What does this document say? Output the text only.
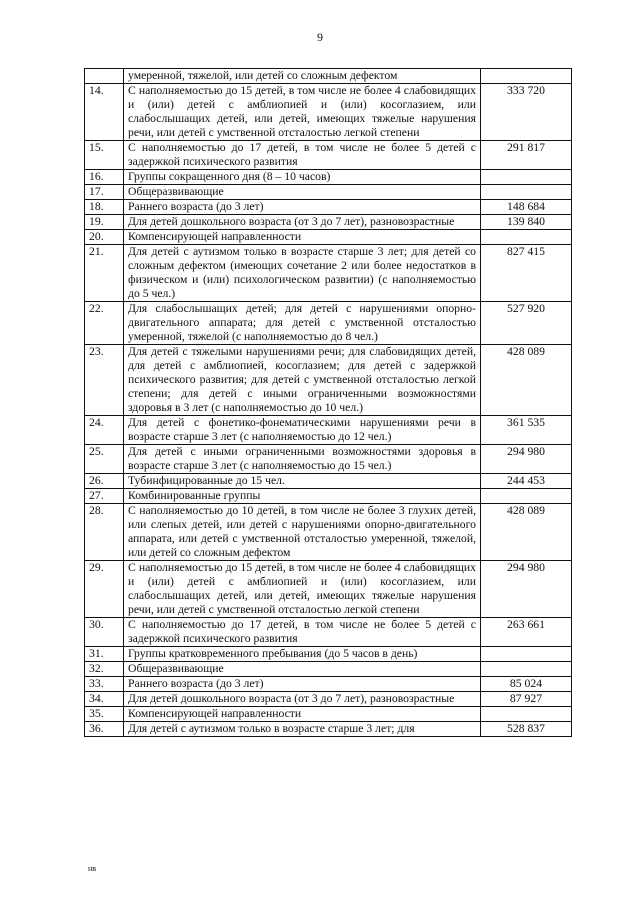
9
	умеренной, тяжелой, или детей со сложным дефектом	
14.	С наполняемостью до 15 детей, в том числе не более 4 слабовидящих и (или) детей с амблиопией и (или) косоглазием, или слабослышащих детей, или детей, имеющих тяжелые нарушения речи, или детей с умственной отсталостью легкой степени	333 720
15.	С наполняемостью до 17 детей, в том числе не более 5 детей с задержкой психического развития	291 817
16.	Группы сокращенного дня (8 – 10 часов)	
17.	Общеразвивающие	
18.	Раннего возраста (до 3 лет)	148 684
19.	Для детей дошкольного возраста (от 3 до 7 лет), разновозрастные	139 840
20.	Компенсирующей направленности	
21.	Для детей с аутизмом только в возрасте старше 3 лет; для детей со сложным дефектом (имеющих сочетание 2 или более недостатков в физическом и (или) психологическом развитии) (с наполняемостью до 5 чел.)	827 415
22.	Для слабослышащих детей; для детей с нарушениями опорно-двигательного аппарата; для детей с умственной отсталостью умеренной, тяжелой (с наполняемостью до 8 чел.)	527 920
23.	Для детей с тяжелыми нарушениями речи; для слабовидящих детей, для детей с амблиопией, косоглазием; для детей с задержкой психического развития; для детей с умственной отсталостью легкой степени; для детей с иными ограниченными возможностями здоровья в 3 лет (с наполняемостью до 10 чел.)	428 089
24.	Для детей с фонетико-фонематическими нарушениями речи в возрасте старше 3 лет (с наполняемостью до 12 чел.)	361 535
25.	Для детей с иными ограниченными возможностями здоровья в возрасте старше 3 лет (с наполняемостью до 15 чел.)	294 980
26.	Тубинфицированные до 15 чел.	244 453
27.	Комбинированные группы	
28.	С наполняемостью до 10 детей, в том числе не более 3 глухих детей, или слепых детей, или детей с нарушениями опорно-двигательного аппарата, или детей с умственной отсталостью умеренной, тяжелой, или детей со сложным дефектом	428 089
29.	С наполняемостью до 15 детей, в том числе не более 4 слабовидящих и (или) детей с амблиопией и (или) косоглазием, или слабослышащих детей, или детей, имеющих тяжелые нарушения речи, или детей с умственной отсталостью легкой степени	294 980
30.	С наполняемостью до 17 детей, в том числе не более 5 детей с задержкой психического развития	263 661
31.	Группы кратковременного пребывания (до 5 часов в день)	
32.	Общеразвивающие	
33.	Раннего возраста (до 3 лет)	85 024
34.	Для детей дошкольного возраста (от 3 до 7 лет), разновозрастные	87 927
35.	Компенсирующей направленности	
36.	Для детей с аутизмом только в возрасте старше 3 лет; для	528 837
нв
